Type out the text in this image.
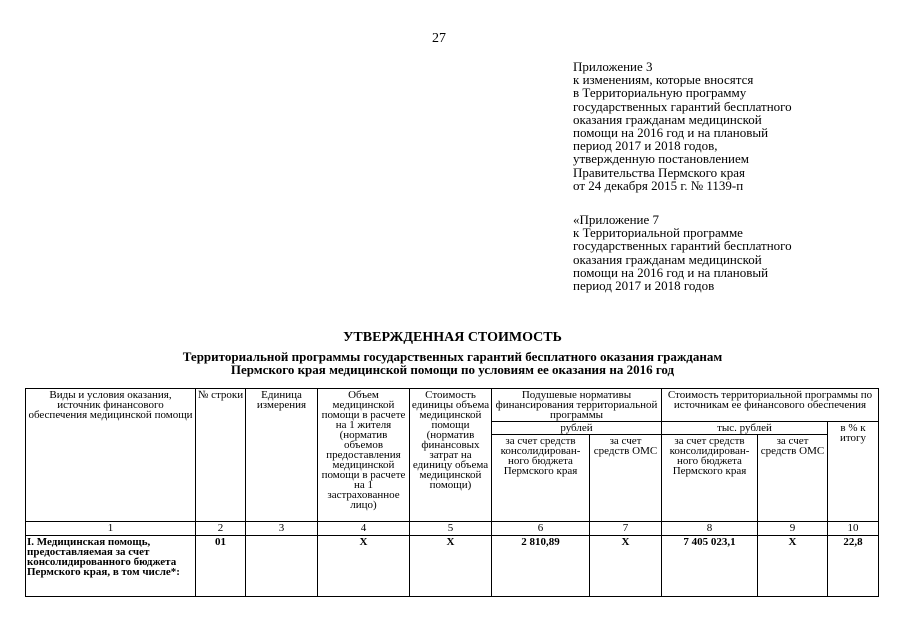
27
Приложение 3
к изменениям, которые вносятся
в Территориальную программу
государственных гарантий бесплатного
оказания гражданам медицинской
помощи на 2016 год и на плановый
период 2017 и 2018 годов,
утвержденную постановлением
Правительства Пермского края
от 24 декабря 2015 г. № 1139-п
«Приложение 7
к Территориальной программе
государственных гарантий бесплатного
оказания гражданам медицинской
помощи на 2016 год и на плановый
период 2017 и 2018 годов
УТВЕРЖДЕННАЯ СТОИМОСТЬ
Территориальной программы государственных гарантий бесплатного оказания гражданам
Пермского края медицинской помощи по условиям ее оказания на 2016 год
Виды и условия оказания, источник финансового обеспечения медицинской помощи	№ строки	Единица измерения	Объем медицинской помощи в расчете на 1 жителя (норматив объемов предоставления медицинской помощи в расчете на 1 застрахованное лицо)	Стоимость единицы объема медицинской помощи (норматив финансовых затрат на единицу объема медицинской помощи)	Подушевые нормативы финансирования территориальной программы		Стоимость территориальной программы по источникам ее финансового обеспечения		
					рублей		тыс. рублей		в % к итогу
					за счет средств консолидирован-ного бюджета Пермского края	за счет средств ОМС	за счет средств консолидирован-ного бюджета Пермского края	за счет средств ОМС	
1	2	3	4	5	6	7	8	9	10
I. Медицинская помощь, предоставляемая за счет консолидированного бюджета Пермского края, в том числе*:	01		Х	Х	2 810,89	Х	7 405 023,1	Х	22,8
